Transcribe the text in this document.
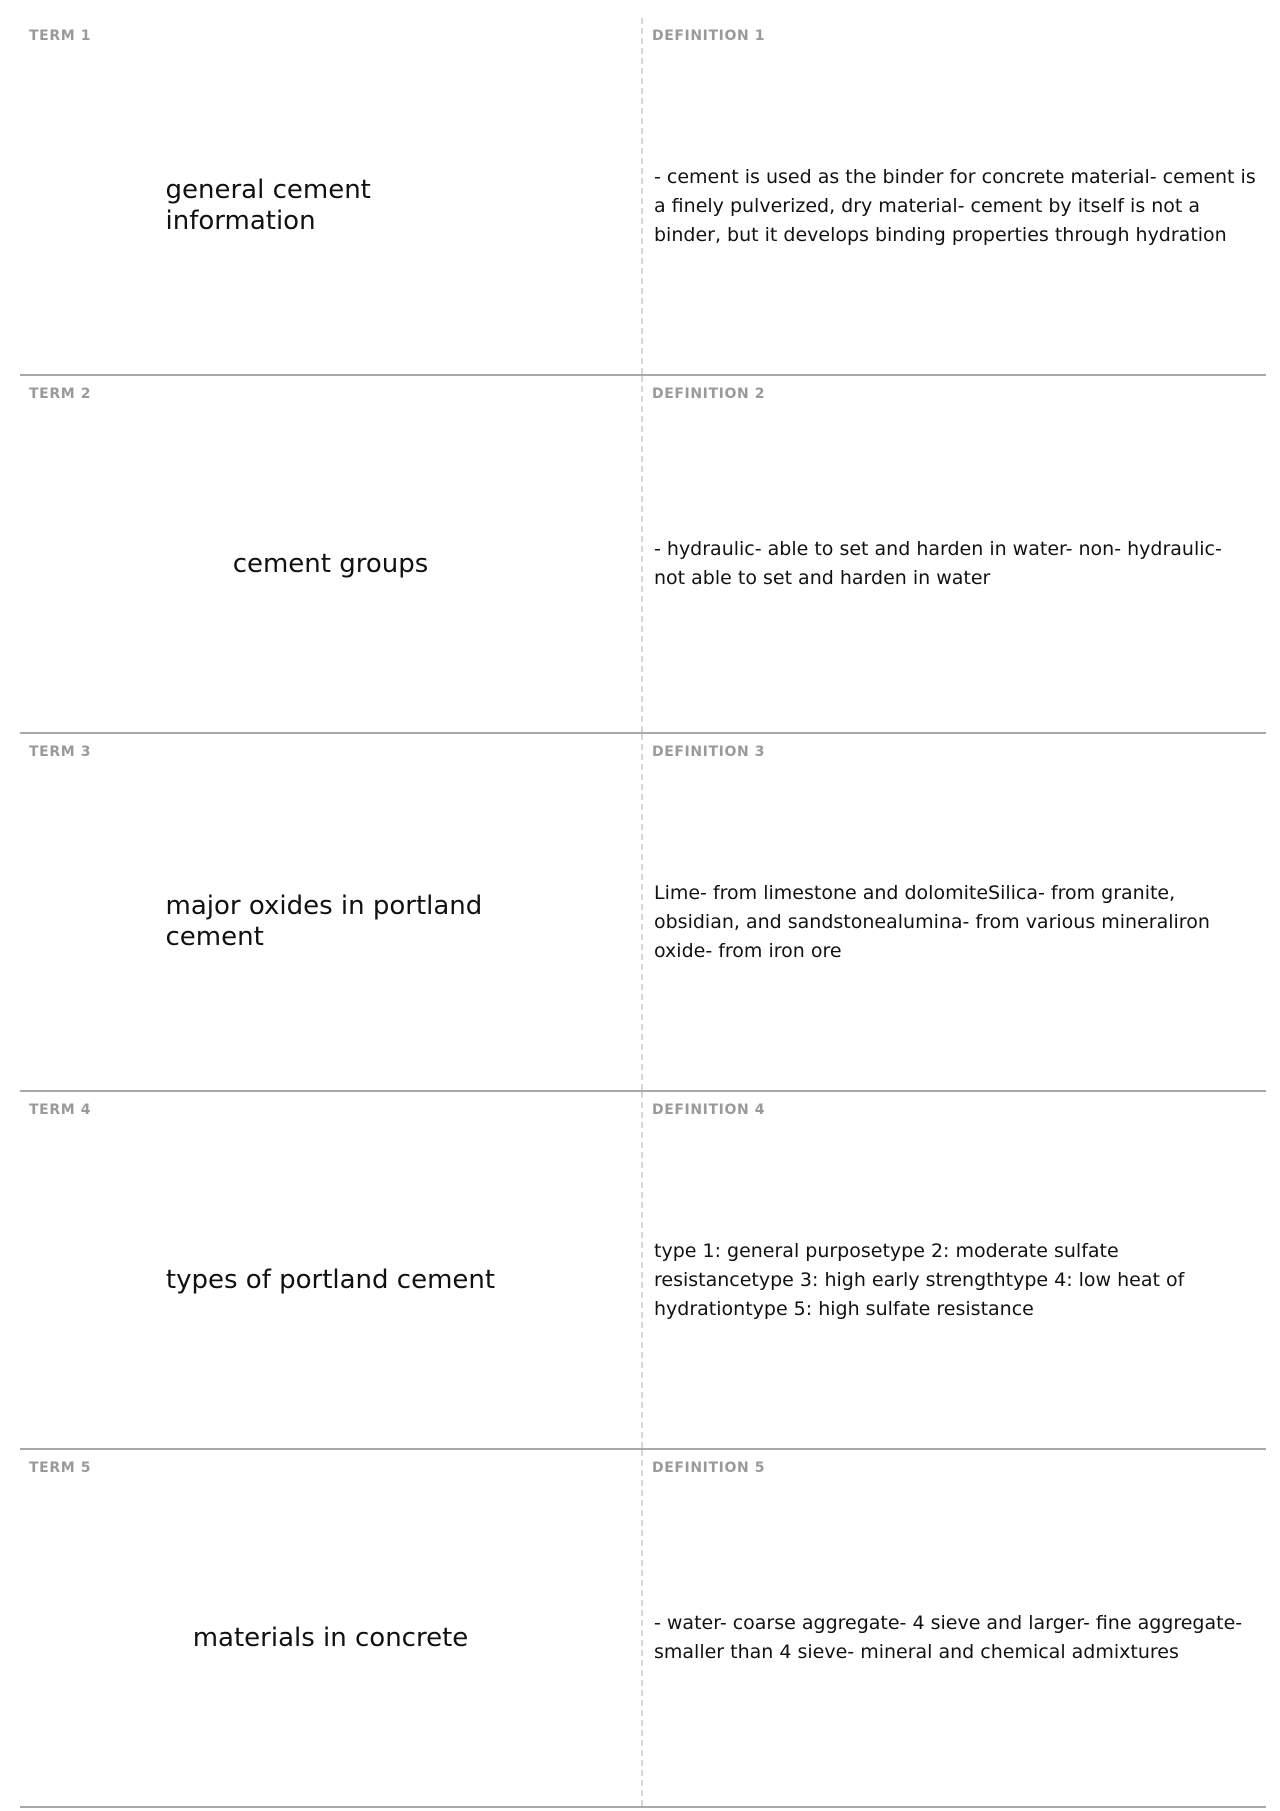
TERM 1
general cement information
DEFINITION 1
- cement is used as the binder for concrete material- cement is a finely pulverized, dry material- cement by itself is not a binder, but it develops binding properties through hydration
TERM 2
cement groups
DEFINITION 2
- hydraulic- able to set and harden in water- non- hydraulic- not able to set and harden in water
TERM 3
major oxides in portland cement
DEFINITION 3
Lime- from limestone and dolomiteSilica- from granite, obsidian, and sandstonealumina- from various mineraliron oxide- from iron ore
TERM 4
types of portland cement
DEFINITION 4
type 1: general purposetype 2: moderate sulfate resistancetype 3: high early strengthtype 4: low heat of hydrationtype 5: high sulfate resistance
TERM 5
materials in concrete
DEFINITION 5
- water- coarse aggregate- 4 sieve and larger- fine aggregate- smaller than 4 sieve- mineral and chemical admixtures
